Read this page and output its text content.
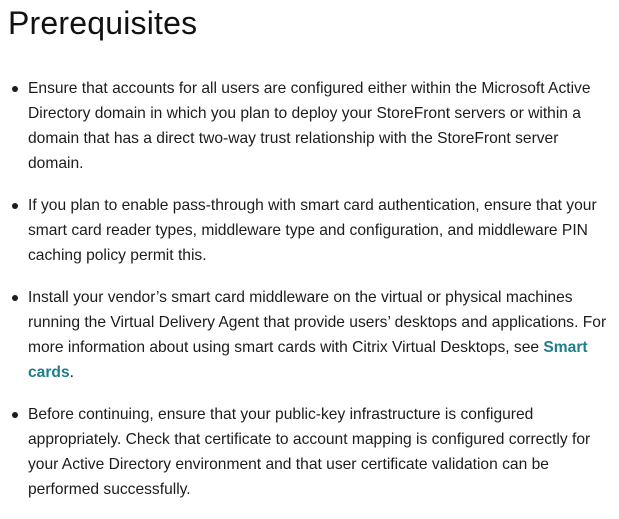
Prerequisites
Ensure that accounts for all users are configured either within the Microsoft Active Directory domain in which you plan to deploy your StoreFront servers or within a domain that has a direct two-way trust relationship with the StoreFront server domain.
If you plan to enable pass-through with smart card authentication, ensure that your smart card reader types, middleware type and configuration, and middleware PIN caching policy permit this.
Install your vendor’s smart card middleware on the virtual or physical machines running the Virtual Delivery Agent that provide users’ desktops and applications. For more information about using smart cards with Citrix Virtual Desktops, see Smart cards.
Before continuing, ensure that your public-key infrastructure is configured appropriately. Check that certificate to account mapping is configured correctly for your Active Directory environment and that user certificate validation can be performed successfully.
